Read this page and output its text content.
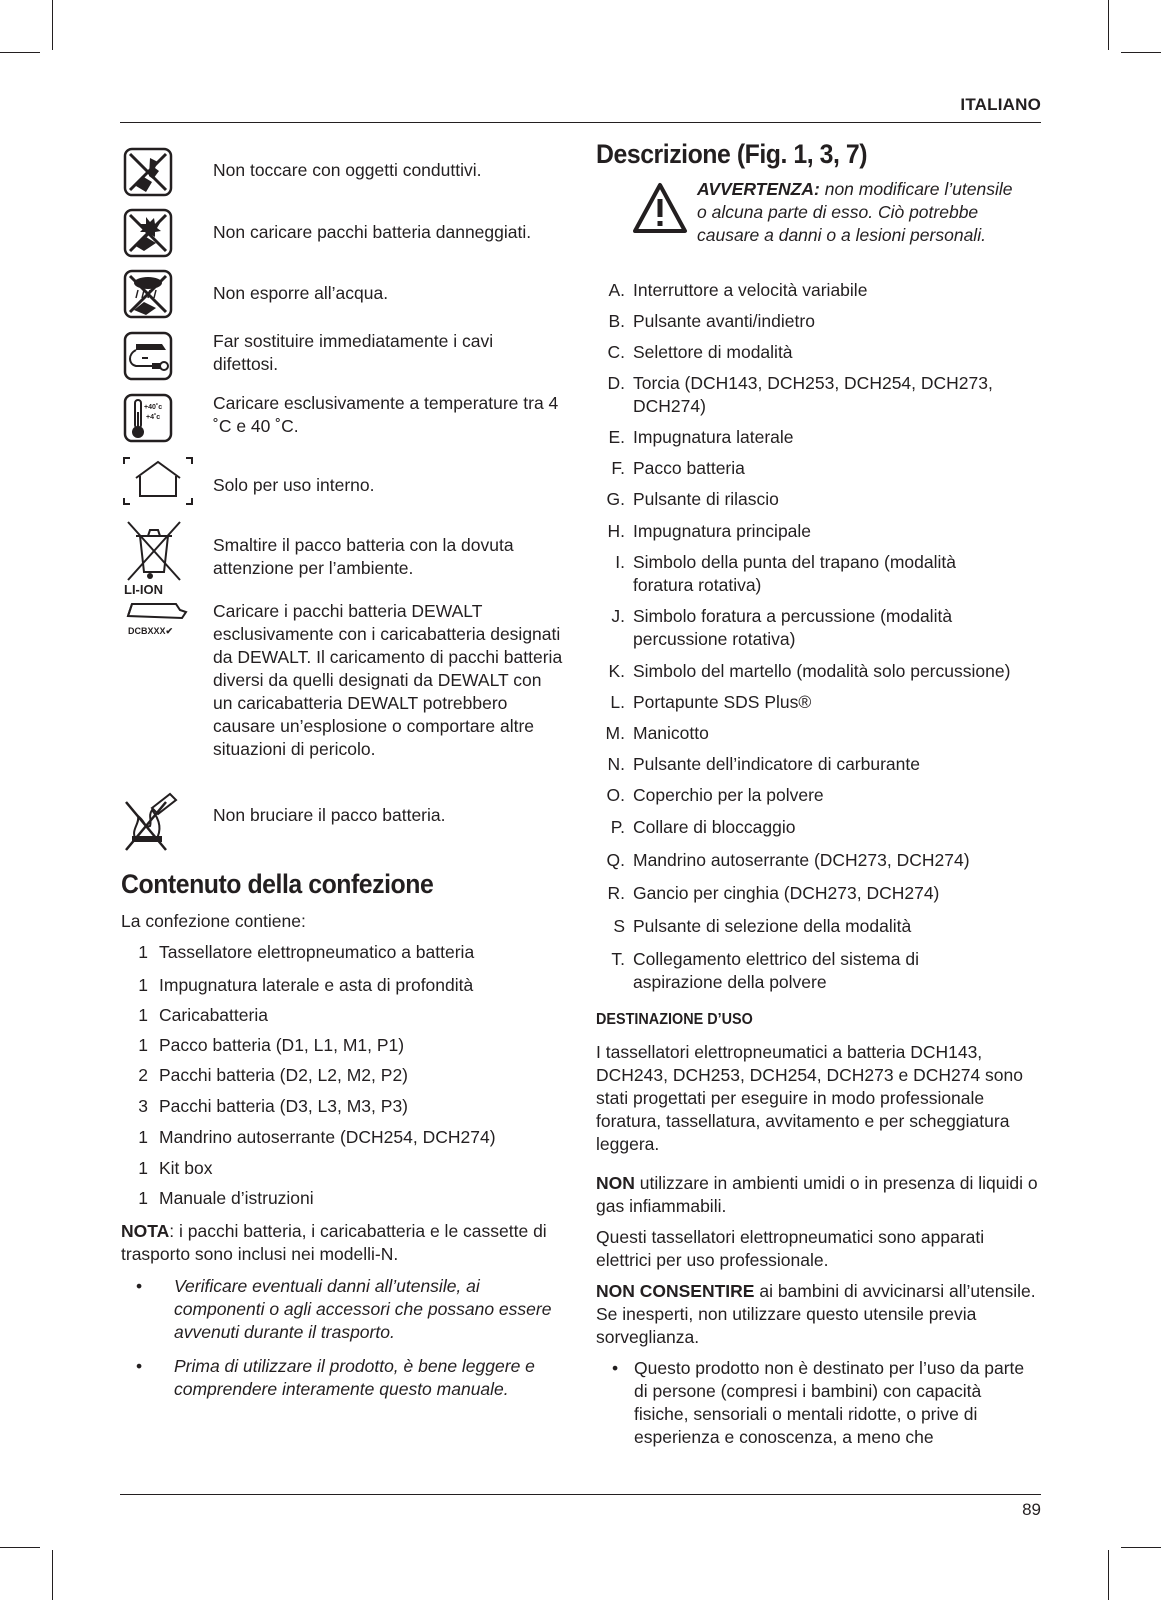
ITALIANO
Non toccare con oggetti conduttivi.
Non caricare pacchi batteria danneggiati.
Non esporre all’acqua.
Far sostituire immediatamente i cavi difettosi.
+40˚c
+4˚c
Caricare esclusivamente a temperature tra 4 ˚C e 40 ˚C.
Solo per uso interno.
LI-ION
Smaltire il pacco batteria con la dovuta attenzione per l’ambiente.
DCBXXX✔
Caricare i pacchi batteria DEWALT esclusivamente con i caricabatteria designati da DEWALT. Il caricamento di pacchi batteria diversi da quelli designati da DEWALT con un caricabatteria DEWALT potrebbero causare un’esplosione o comportare altre situazioni di pericolo.
Non bruciare il pacco batteria.
Contenuto della confezione
La confezione contiene:
1 Tassellatore elettropneumatico a batteria
1 Impugnatura laterale e asta di profondità
1 Caricabatteria
1 Pacco batteria (D1, L1, M1, P1)
2 Pacchi batteria (D2, L2, M2, P2)
3 Pacchi batteria (D3, L3, M3, P3)
1 Mandrino autoserrante (DCH254, DCH274)
1 Kit box
1 Manuale d’istruzioni
NOTA: i pacchi batteria, i caricabatteria e le cassette di trasporto sono inclusi nei modelli-N.
• Verificare eventuali danni all’utensile, ai componenti o agli accessori che possano essere avvenuti durante il trasporto.
• Prima di utilizzare il prodotto, è bene leggere e comprendere interamente questo manuale.
Descrizione (Fig. 1, 3, 7)
AVVERTENZA: non modificare l’utensile o alcuna parte di esso. Ciò potrebbe causare a danni o a lesioni personali.
A. Interruttore a velocità variabile
B. Pulsante avanti/indietro
C. Selettore di modalità
D. Torcia (DCH143, DCH253, DCH254, DCH273, DCH274)
E. Impugnatura laterale
F. Pacco batteria
G. Pulsante di rilascio
H. Impugnatura principale
I. Simbolo della punta del trapano (modalità foratura rotativa)
J. Simbolo foratura a percussione (modalità percussione rotativa)
K. Simbolo del martello (modalità solo percussione)
L. Portapunte SDS Plus®
M. Manicotto
N. Pulsante dell’indicatore di carburante
O. Coperchio per la polvere
P. Collare di bloccaggio
Q. Mandrino autoserrante (DCH273, DCH274)
R. Gancio per cinghia (DCH273, DCH274)
S Pulsante di selezione della modalità
T. Collegamento elettrico del sistema di aspirazione della polvere
DESTINAZIONE D’USO
I tassellatori elettropneumatici a batteria DCH143, DCH243, DCH253, DCH254, DCH273 e DCH274 sono stati progettati per eseguire in modo professionale foratura, tassellatura, avvitamento e per scheggiatura leggera.
NON utilizzare in ambienti umidi o in presenza di liquidi o gas infiammabili.
Questi tassellatori elettropneumatici sono apparati elettrici per uso professionale.
NON CONSENTIRE ai bambini di avvicinarsi all’utensile. Se inesperti, non utilizzare questo utensile previa sorveglianza.
• Questo prodotto non è destinato per l’uso da parte di persone (compresi i bambini) con capacità fisiche, sensoriali o mentali ridotte, o prive di esperienza e conoscenza, a meno che
89
